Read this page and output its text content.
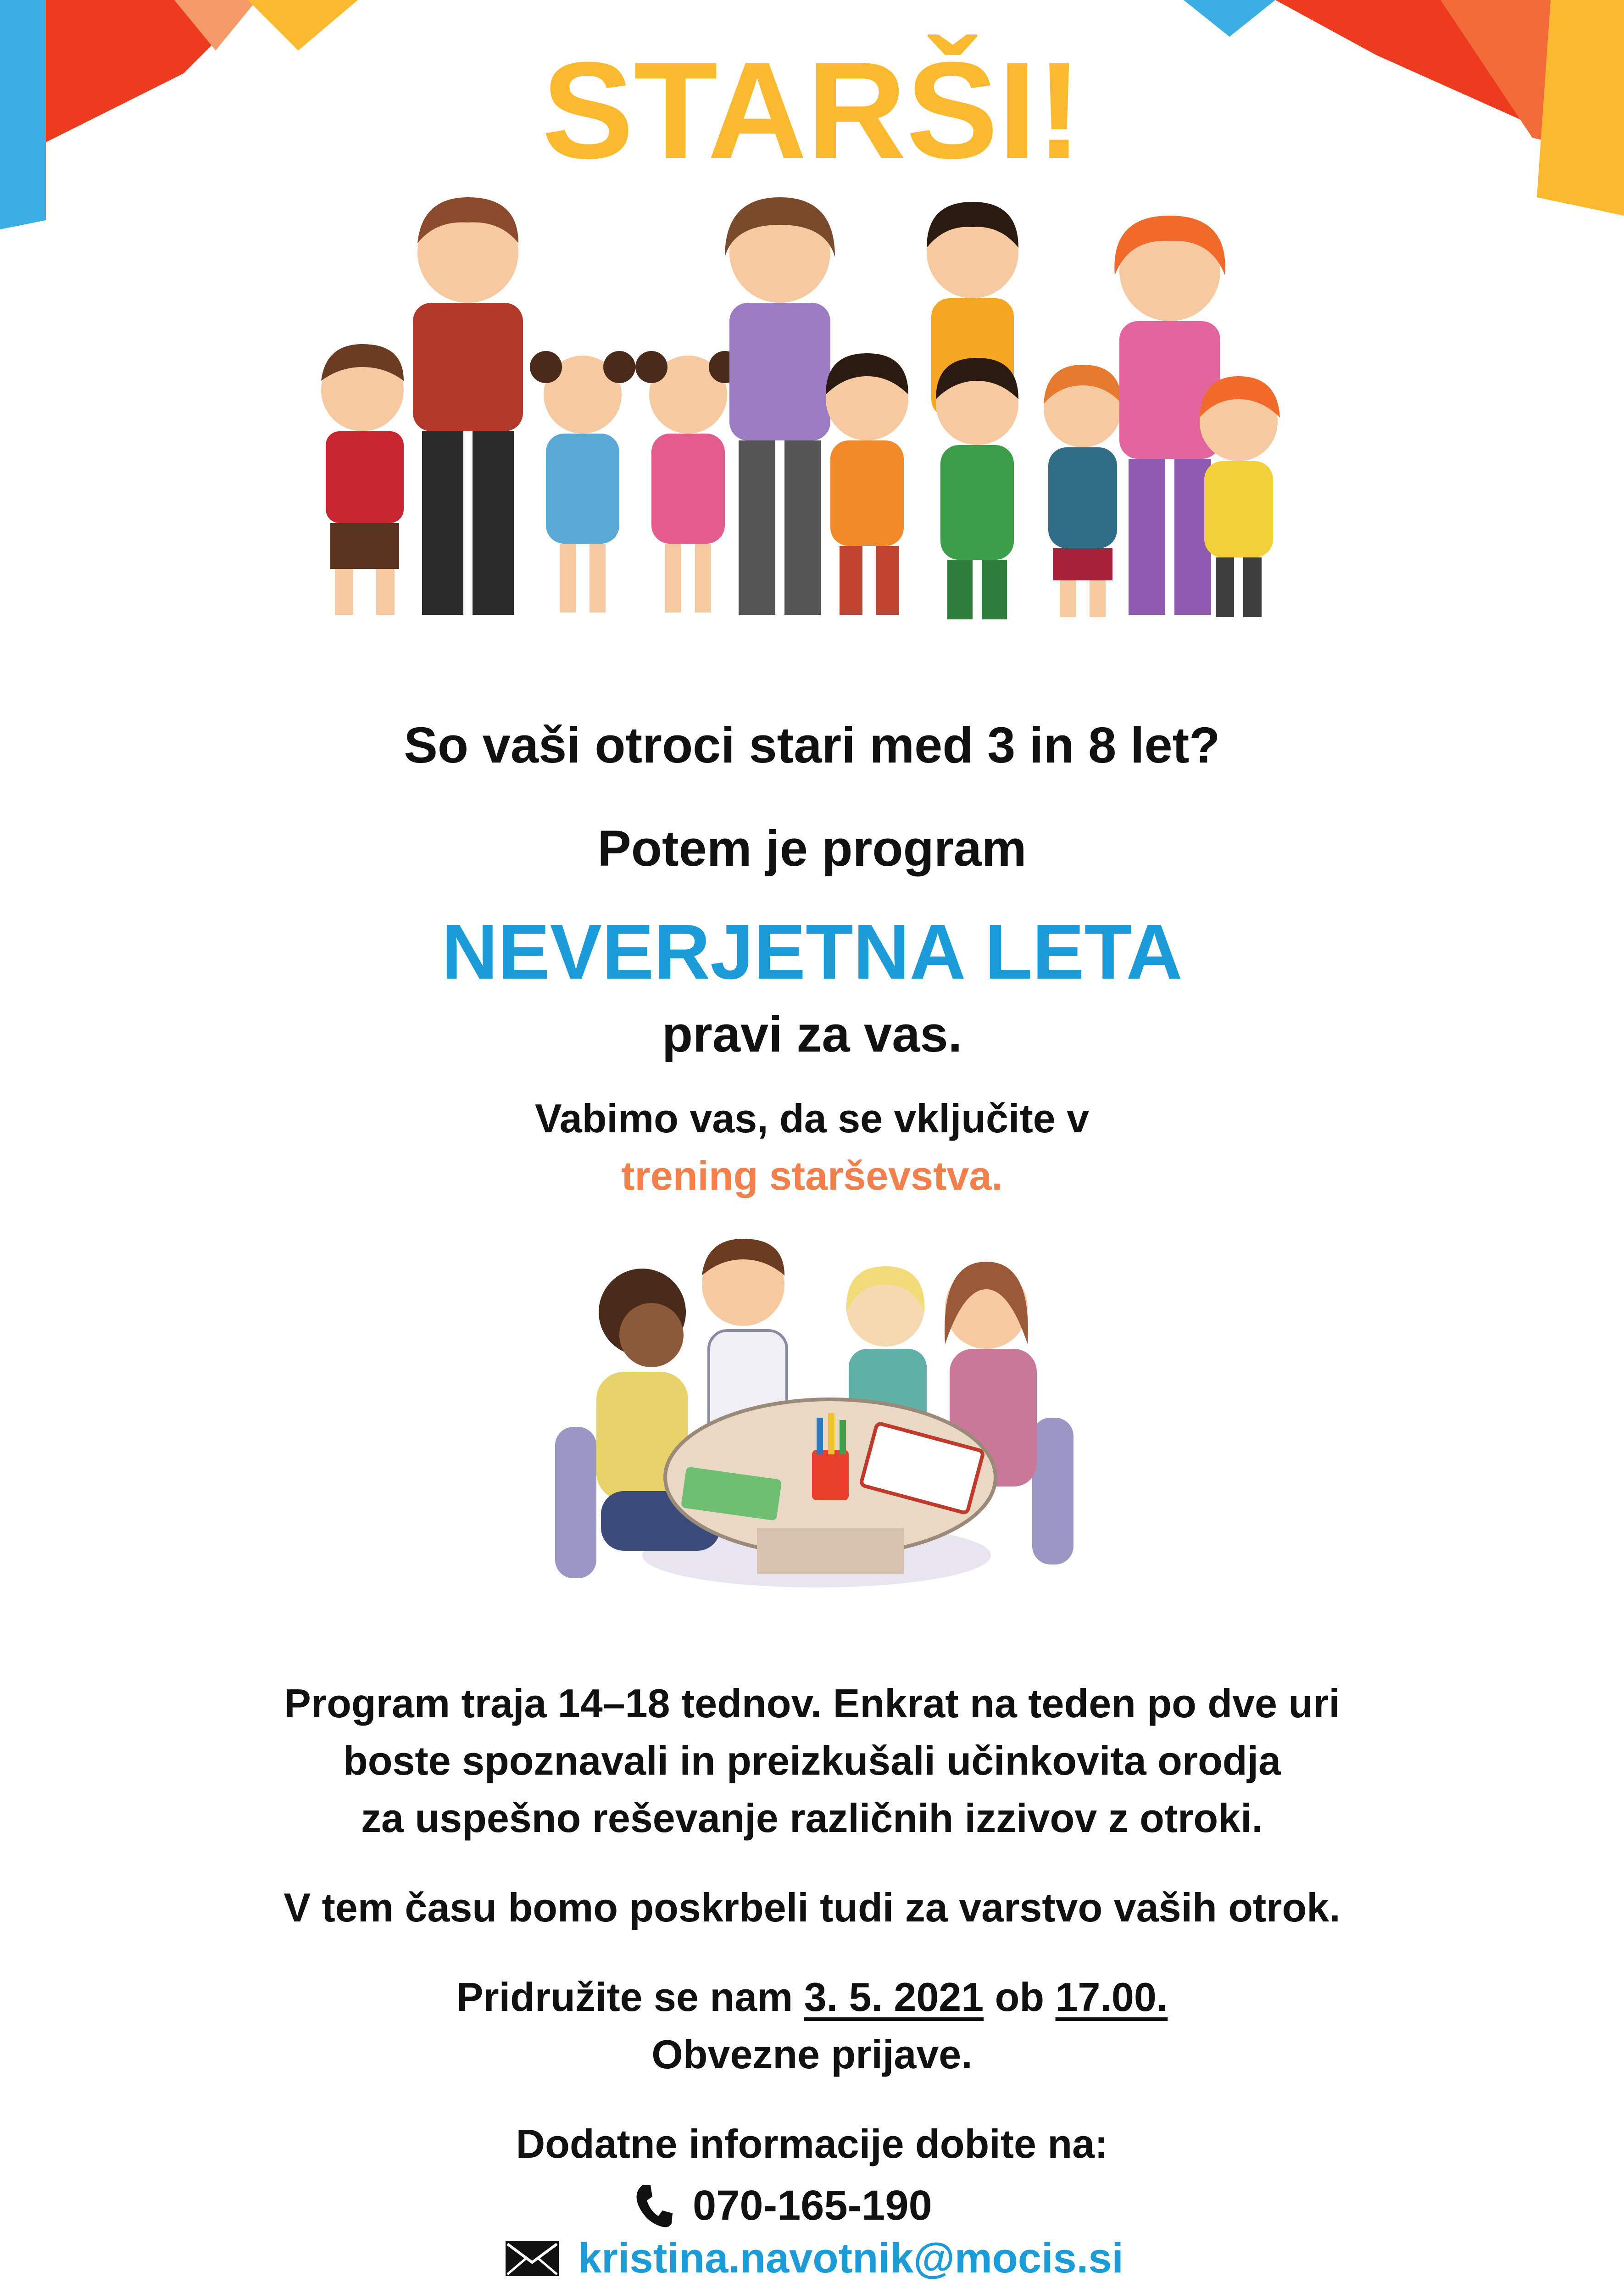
STARŠI!
So vaši otroci stari med 3 in 8 let?
Potem je program
NEVERJETNA LETA
pravi za vas.
Vabimo vas, da se vključite v
trening starševstva.
Program traja 14–18 tednov. Enkrat na teden po dve uri
boste spoznavali in preizkušali učinkovita orodja
za uspešno reševanje različnih izzivov z otroki.
V tem času bomo poskrbeli tudi za varstvo vaših otrok.
Pridružite se nam 3. 5. 2021 ob 17.00.
Obvezne prijave.
Dodatne informacije dobite na:
070-165-190
kristina.navotnik@mocis.si
